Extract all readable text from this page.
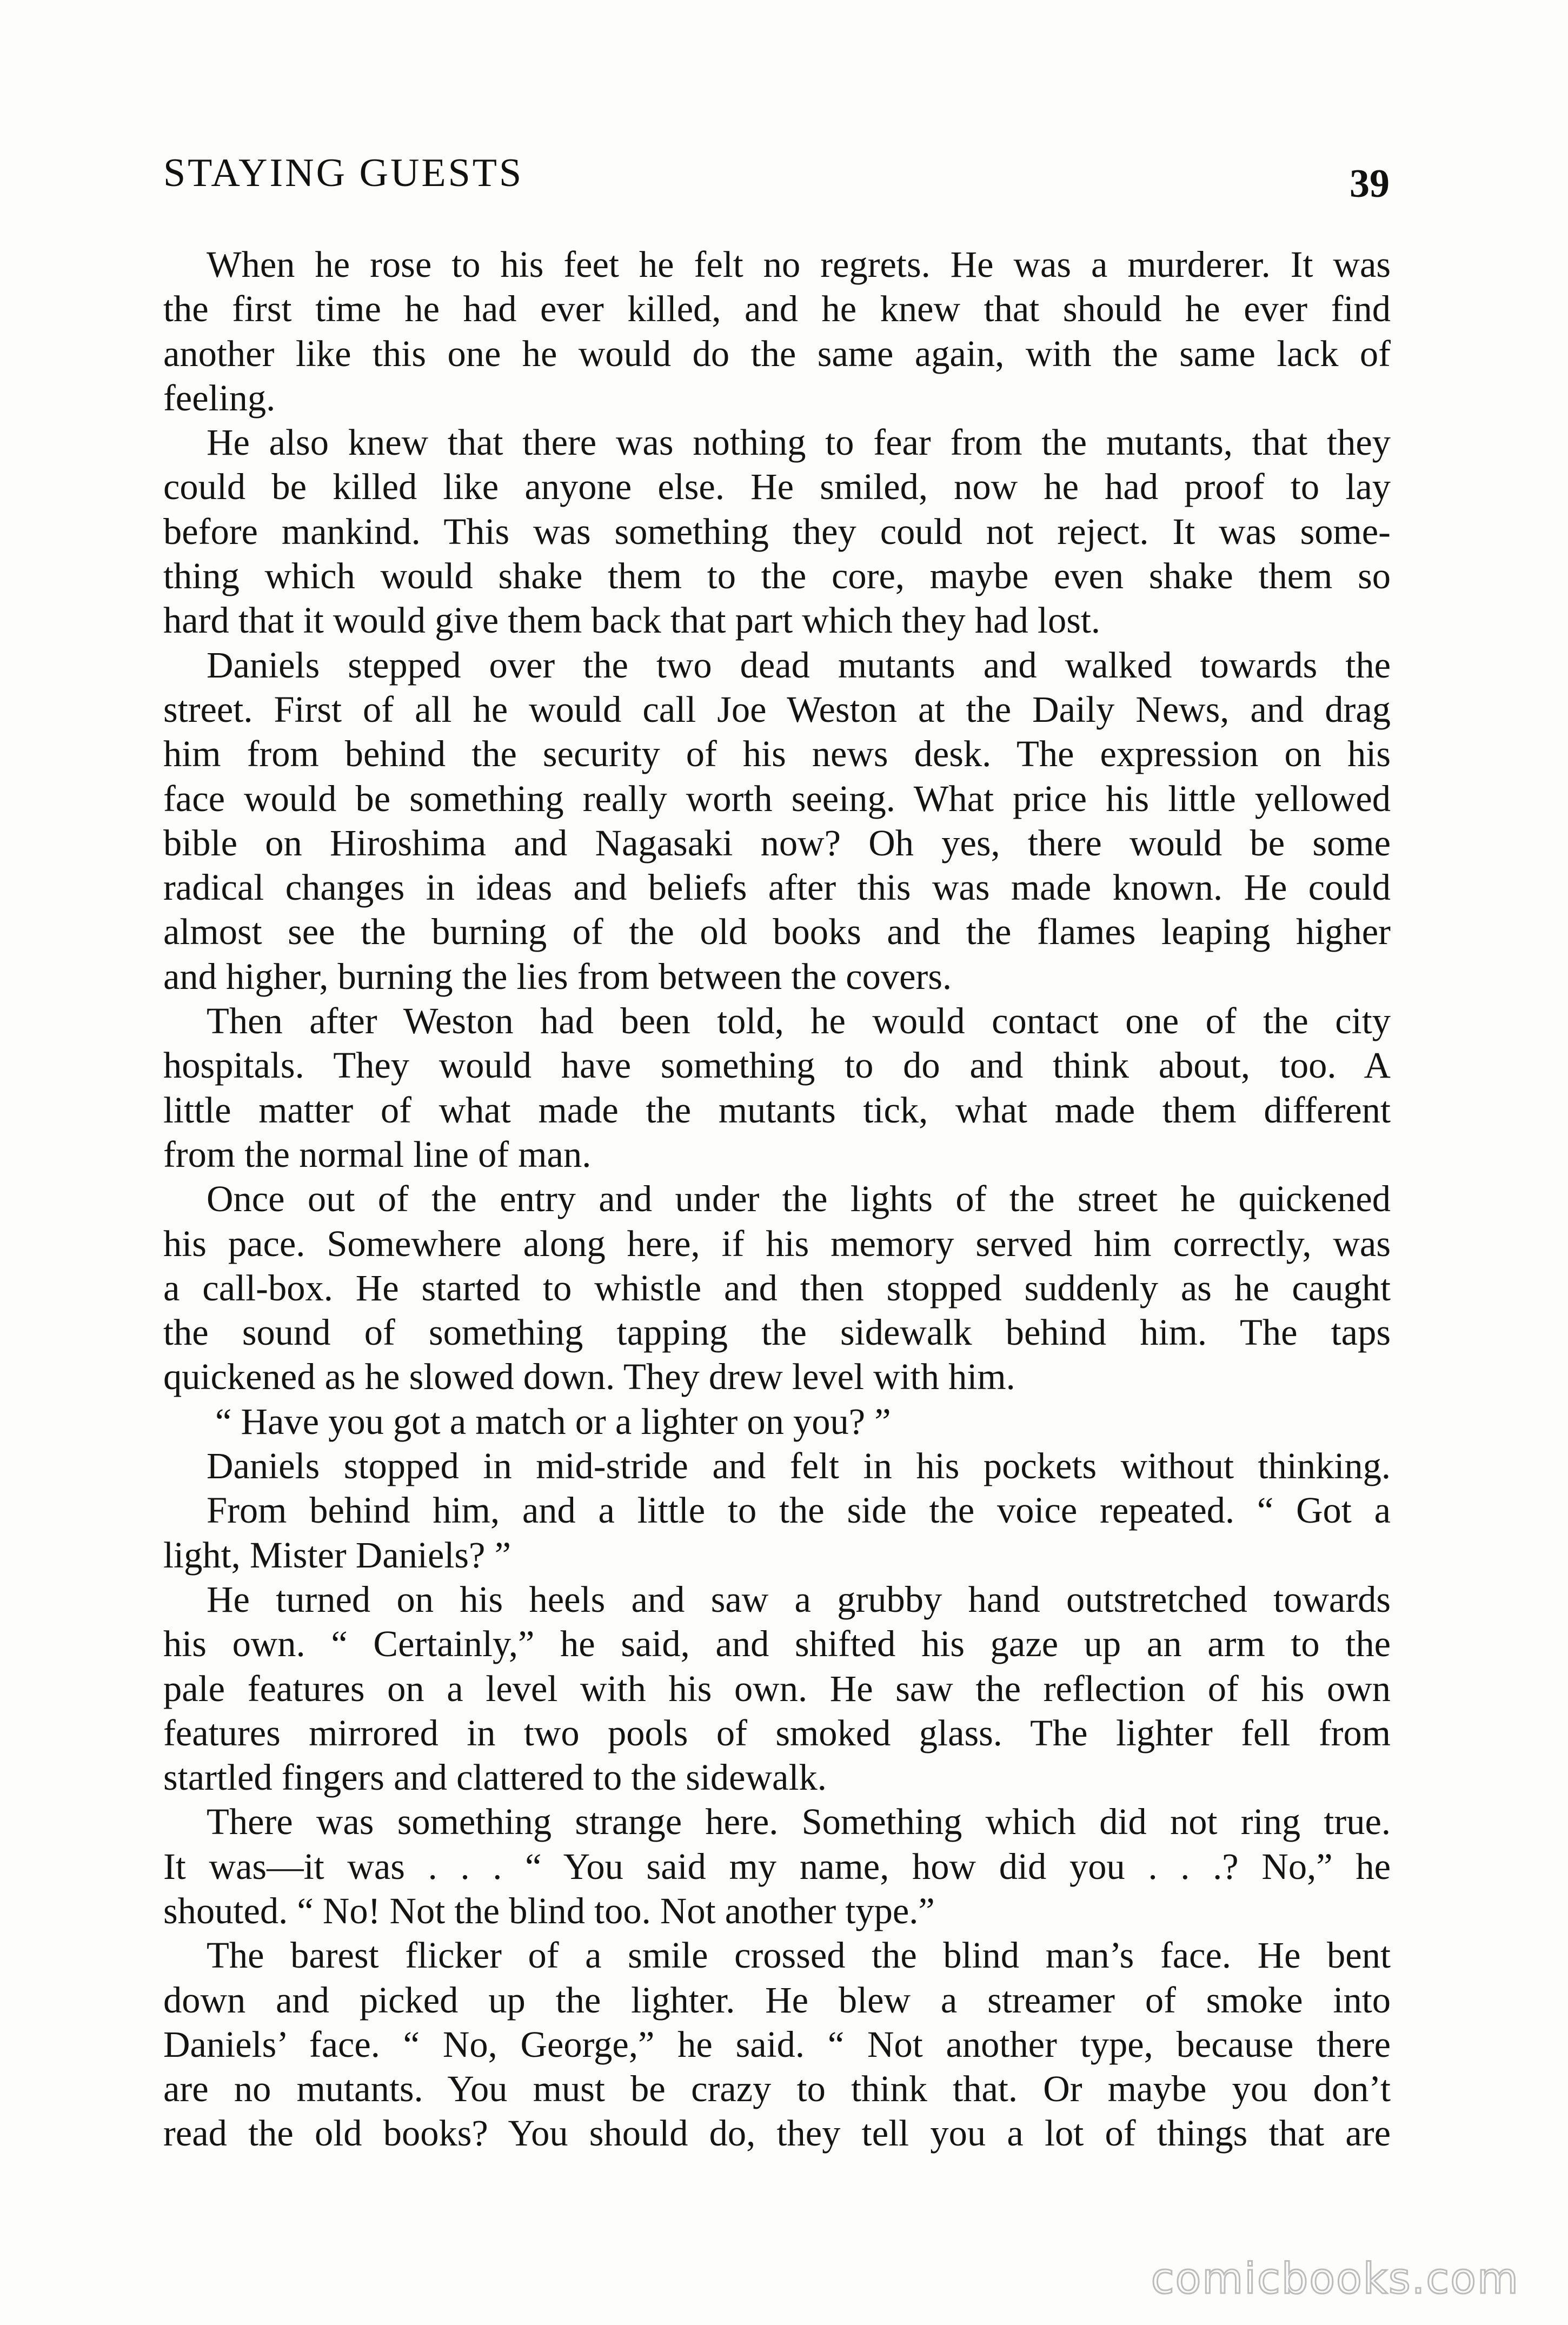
STAYING GUESTS	39
When he rose to his feet he felt no regrets. He was a murderer. It was
the first time he had ever killed, and he knew that should he ever find
another like this one he would do the same again, with the same lack of
feeling.
He also knew that there was nothing to fear from the mutants, that they
could be killed like anyone else. He smiled, now he had proof to lay
before mankind. This was something they could not reject. It was some-
thing which would shake them to the core, maybe even shake them so
hard that it would give them back that part which they had lost.
Daniels stepped over the two dead mutants and walked towards the
street. First of all he would call Joe Weston at the Daily News, and drag
him from behind the security of his news desk. The expression on his
face would be something really worth seeing. What price his little yellowed
bible on Hiroshima and Nagasaki now? Oh yes, there would be some
radical changes in ideas and beliefs after this was made known. He could
almost see the burning of the old books and the flames leaping higher
and higher, burning the lies from between the covers.
Then after Weston had been told, he would contact one of the city
hospitals. They would have something to do and think about, too. A
little matter of what made the mutants tick, what made them different
from the normal line of man.
Once out of the entry and under the lights of the street he quickened
his pace. Somewhere along here, if his memory served him correctly, was
a call-box. He started to whistle and then stopped suddenly as he caught
the sound of something tapping the sidewalk behind him. The taps
quickened as he slowed down. They drew level with him.
“ Have you got a match or a lighter on you? ”
Daniels stopped in mid-stride and felt in his pockets without thinking.
From behind him, and a little to the side the voice repeated. “ Got a
light, Mister Daniels? ”
He turned on his heels and saw a grubby hand outstretched towards
his own. “ Certainly,” he said, and shifted his gaze up an arm to the
pale features on a level with his own. He saw the reflection of his own
features mirrored in two pools of smoked glass. The lighter fell from
startled fingers and clattered to the sidewalk.
There was something strange here. Something which did not ring true.
It was—it was . . . “ You said my name, how did you . . .? No,” he
shouted. “ No! Not the blind too. Not another type.”
The barest flicker of a smile crossed the blind man’s face. He bent
down and picked up the lighter. He blew a streamer of smoke into
Daniels’ face. “ No, George,” he said. “ Not another type, because there
are no mutants. You must be crazy to think that. Or maybe you don’t
read the old books? You should do, they tell you a lot of things that are
comicbooks.com
